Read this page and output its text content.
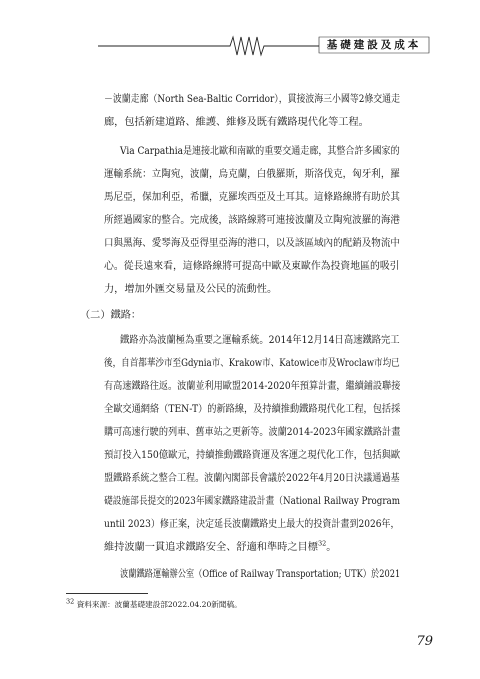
基礎建設及成本
－波蘭走廊（North Sea-Baltic Corridor），貫接波海三小國等2條交通走
廊，包括新建道路、維護、維修及既有鐵路現代化等工程。
Via Carpathia是連接北歐和南歐的重要交通走廊，其整合許多國家的
運輸系統：立陶宛，波蘭，烏克蘭，白俄羅斯，斯洛伐克，匈牙利，羅
馬尼亞，保加利亞，希臘，克羅埃西亞及土耳其。這條路線將有助於其
所經過國家的整合。完成後，該路線將可連接波蘭及立陶宛波羅的海港
口與黑海、愛琴海及亞得里亞海的港口，以及該區域內的配銷及物流中
心。從長遠來看，這條路線將可提高中歐及東歐作為投資地區的吸引
力，增加外匯交易量及公民的流動性。
（二）鐵路：
鐵路亦為波蘭極為重要之運輸系統。2014年12月14日高速鐵路完工
後，自首都華沙市至Gdynia市、Krakow市、Katowice市及Wroclaw市均已
有高速鐵路往返。波蘭並利用歐盟2014-2020年預算計畫，繼續鋪設聯接
全歐交通網絡（TEN-T）的新路線，及持續推動鐵路現代化工程，包括採
購可高速行駛的列車、舊車站之更新等。波蘭2014-2023年國家鐵路計畫
預訂投入150億歐元，持續推動鐵路資運及客運之現代化工作，包括與歐
盟鐵路系統之整合工程。波蘭內閣部長會議於2022年4月20日決議通過基
礎設施部長提交的2023年國家鐵路建設計畫（National Railway Program
until 2023）修正案，決定延長波蘭鐵路史上最大的投資計畫到2026年，
維持波蘭一貫追求鐵路安全、舒適和準時之目標$^{32}$。
波蘭鐵路運輸辦公室（Office of Railway Transportation; UTK）於2021
$^{32}$ 資料來源：波蘭基礎建設部2022.04.20新聞稿。
79
